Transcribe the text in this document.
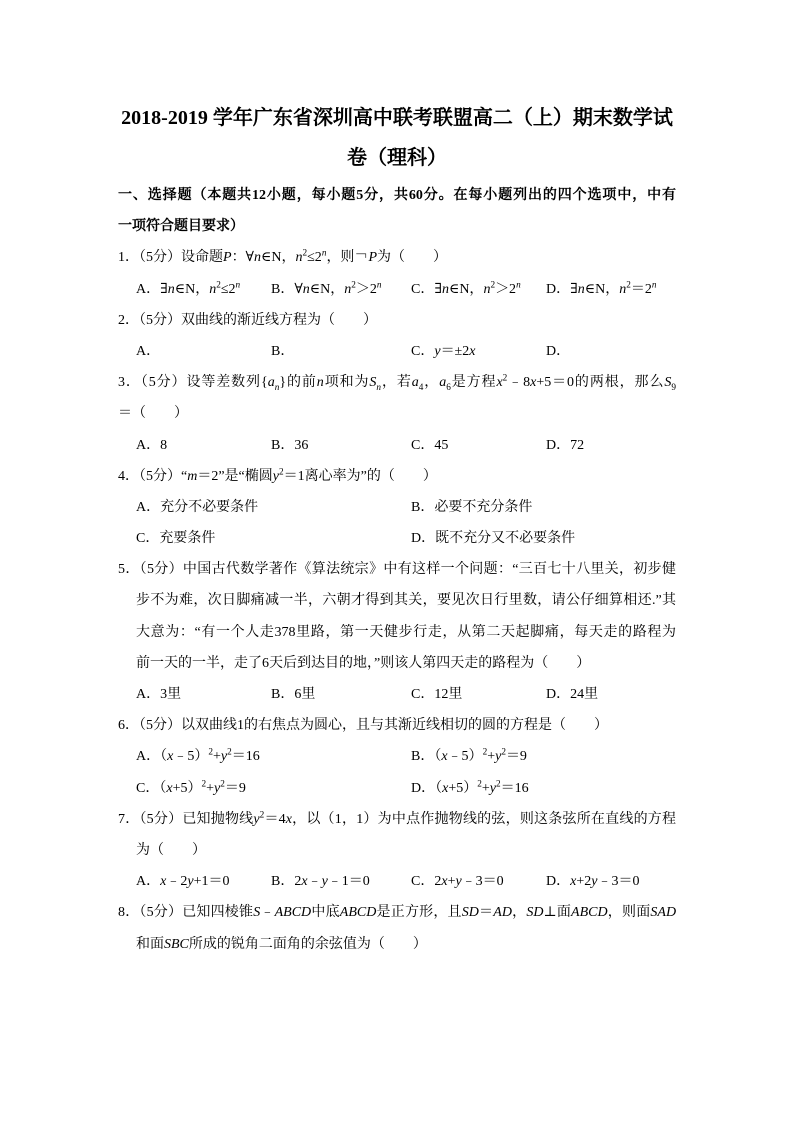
2018-2019 学年广东省深圳高中联考联盟高二（上）期末数学试
卷（理科）
一、选择题（本题共12小题，每小题5分，共60分。在每小题列出的四个选项中，中有
一项符合题目要求）
1．（5分）设命题P：∀n∈N，$n^2\le 2^n$，则￢P为（　　）
A．∃n∈N，$n^2\le 2^n$	B．∀n∈N，$n^2>2^n$	C．∃n∈N，$n^2>2^n$	D．∃n∈N，$n^2=2^n$
2．（5分）双曲线的渐近线方程为（　　）
A．	B．	C．y＝±2x	D．
3．（5分）设等差数列$\{a_n\}$的前n项和为$S_n$，若$a_4$，$a_6$是方程$x^2﹣8x+5=0$的两根，那么$S_9$
＝（　　）
A．8	B．36	C．45	D．72
4．（5分）“m＝2”是“椭圆$y^2=1$离心率为”的（　　）
A．充分不必要条件	B．必要不充分条件
C．充要条件	D．既不充分又不必要条件
5．（5分）中国古代数学著作《算法统宗》中有这样一个问题：“三百七十八里关，初步健
步不为难，次日脚痛减一半，六朝才得到其关，要见次日行里数，请公仔细算相还.”其
大意为：“有一个人走378里路，第一天健步行走，从第二天起脚痛，每天走的路程为
前一天的一半，走了6天后到达目的地，”则该人第四天走的路程为（　　）
A．3里	B．6里	C．12里	D．24里
6．（5分）以双曲线1的右焦点为圆心，且与其渐近线相切的圆的方程是（　　）
A．$(x﹣5)^2+y^2=16$	B．$(x﹣5)^2+y^2=9$
C．$(x+5)^2+y^2=9$	D．$(x+5)^2+y^2=16$
7．（5分）已知抛物线$y^2=4x$，以（1，1）为中点作抛物线的弦，则这条弦所在直线的方程
为（　　）
A．x﹣2y+1＝0	B．2x﹣y﹣1＝0	C．2x+y﹣3＝0	D．x+2y﹣3＝0
8．（5分）已知四棱锥S﹣ABCD中底ABCD是正方形，且SD＝AD，SD⊥面ABCD，则面SAD
和面SBC所成的锐角二面角的余弦值为（　　）
